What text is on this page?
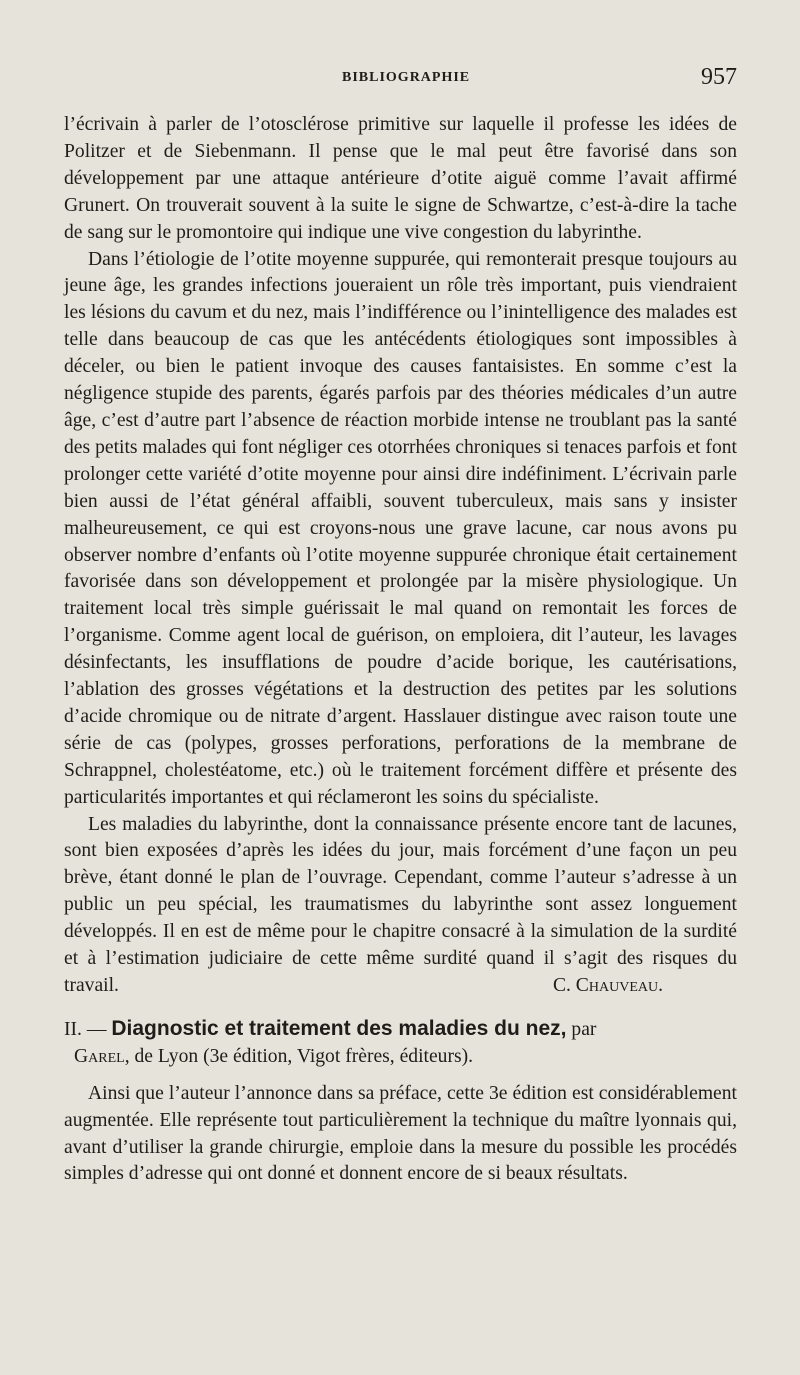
BIBLIOGRAPHIE	957

l’écrivain à parler de l’otosclérose primitive sur laquelle il professe les idées de Politzer et de Siebenmann. Il pense que le mal peut être favorisé dans son développement par une attaque antérieure d’otite aiguë comme l’avait affirmé Grunert. On trouverait souvent à la suite le signe de Schwartze, c’est-à-dire la tache de sang sur le promontoire qui indique une vive congestion du labyrinthe.

Dans l’étiologie de l’otite moyenne suppurée, qui remonterait presque toujours au jeune âge, les grandes infections joueraient un rôle très important, puis viendraient les lésions du cavum et du nez, mais l’indifférence ou l’inintelligence des malades est telle dans beaucoup de cas que les antécédents étiologiques sont impossibles à déceler, ou bien le patient invoque des causes fantaisistes. En somme c’est la négligence stupide des parents, égarés parfois par des théories médicales d’un autre âge, c’est d’autre part l’absence de réaction morbide intense ne troublant pas la santé des petits malades qui font négliger ces otorrhées chroniques si tenaces parfois et font prolonger cette variété d’otite moyenne pour ainsi dire indéfiniment. L’écrivain parle bien aussi de l’état général affaibli, souvent tuberculeux, mais sans y insister malheureusement, ce qui est croyons-nous une grave lacune, car nous avons pu observer nombre d’enfants où l’otite moyenne suppurée chronique était certainement favorisée dans son développement et prolongée par la misère physiologique. Un traitement local très simple guérissait le mal quand on remontait les forces de l’organisme. Comme agent local de guérison, on emploiera, dit l’auteur, les lavages désinfectants, les insufflations de poudre d’acide borique, les cautérisations, l’ablation des grosses végétations et la destruction des petites par les solutions d’acide chromique ou de nitrate d’argent. Hasslauer distingue avec raison toute une série de cas (polypes, grosses perforations, perforations de la membrane de Schrappnel, cholestéatome, etc.) où le traitement forcément diffère et présente des particularités importantes et qui réclameront les soins du spécialiste.

Les maladies du labyrinthe, dont la connaissance présente encore tant de lacunes, sont bien exposées d’après les idées du jour, mais forcément d’une façon un peu brève, étant donné le plan de l’ouvrage. Cependant, comme l’auteur s’adresse à un public un peu spécial, les traumatismes du labyrinthe sont assez longuement développés. Il en est de même pour le chapitre consacré à la simulation de la surdité et à l’estimation judiciaire de cette même surdité quand il s’agit des risques du travail.	C. Chauveau.

II. — Diagnostic et traitement des maladies du nez, par
Garel, de Lyon (3e édition, Vigot frères, éditeurs).

Ainsi que l’auteur l’annonce dans sa préface, cette 3e édition est considérablement augmentée. Elle représente tout particulièrement la technique du maître lyonnais qui, avant d’utiliser la grande chirurgie, emploie dans la mesure du possible les procédés simples d’adresse qui ont donné et donnent encore de si beaux résultats.
